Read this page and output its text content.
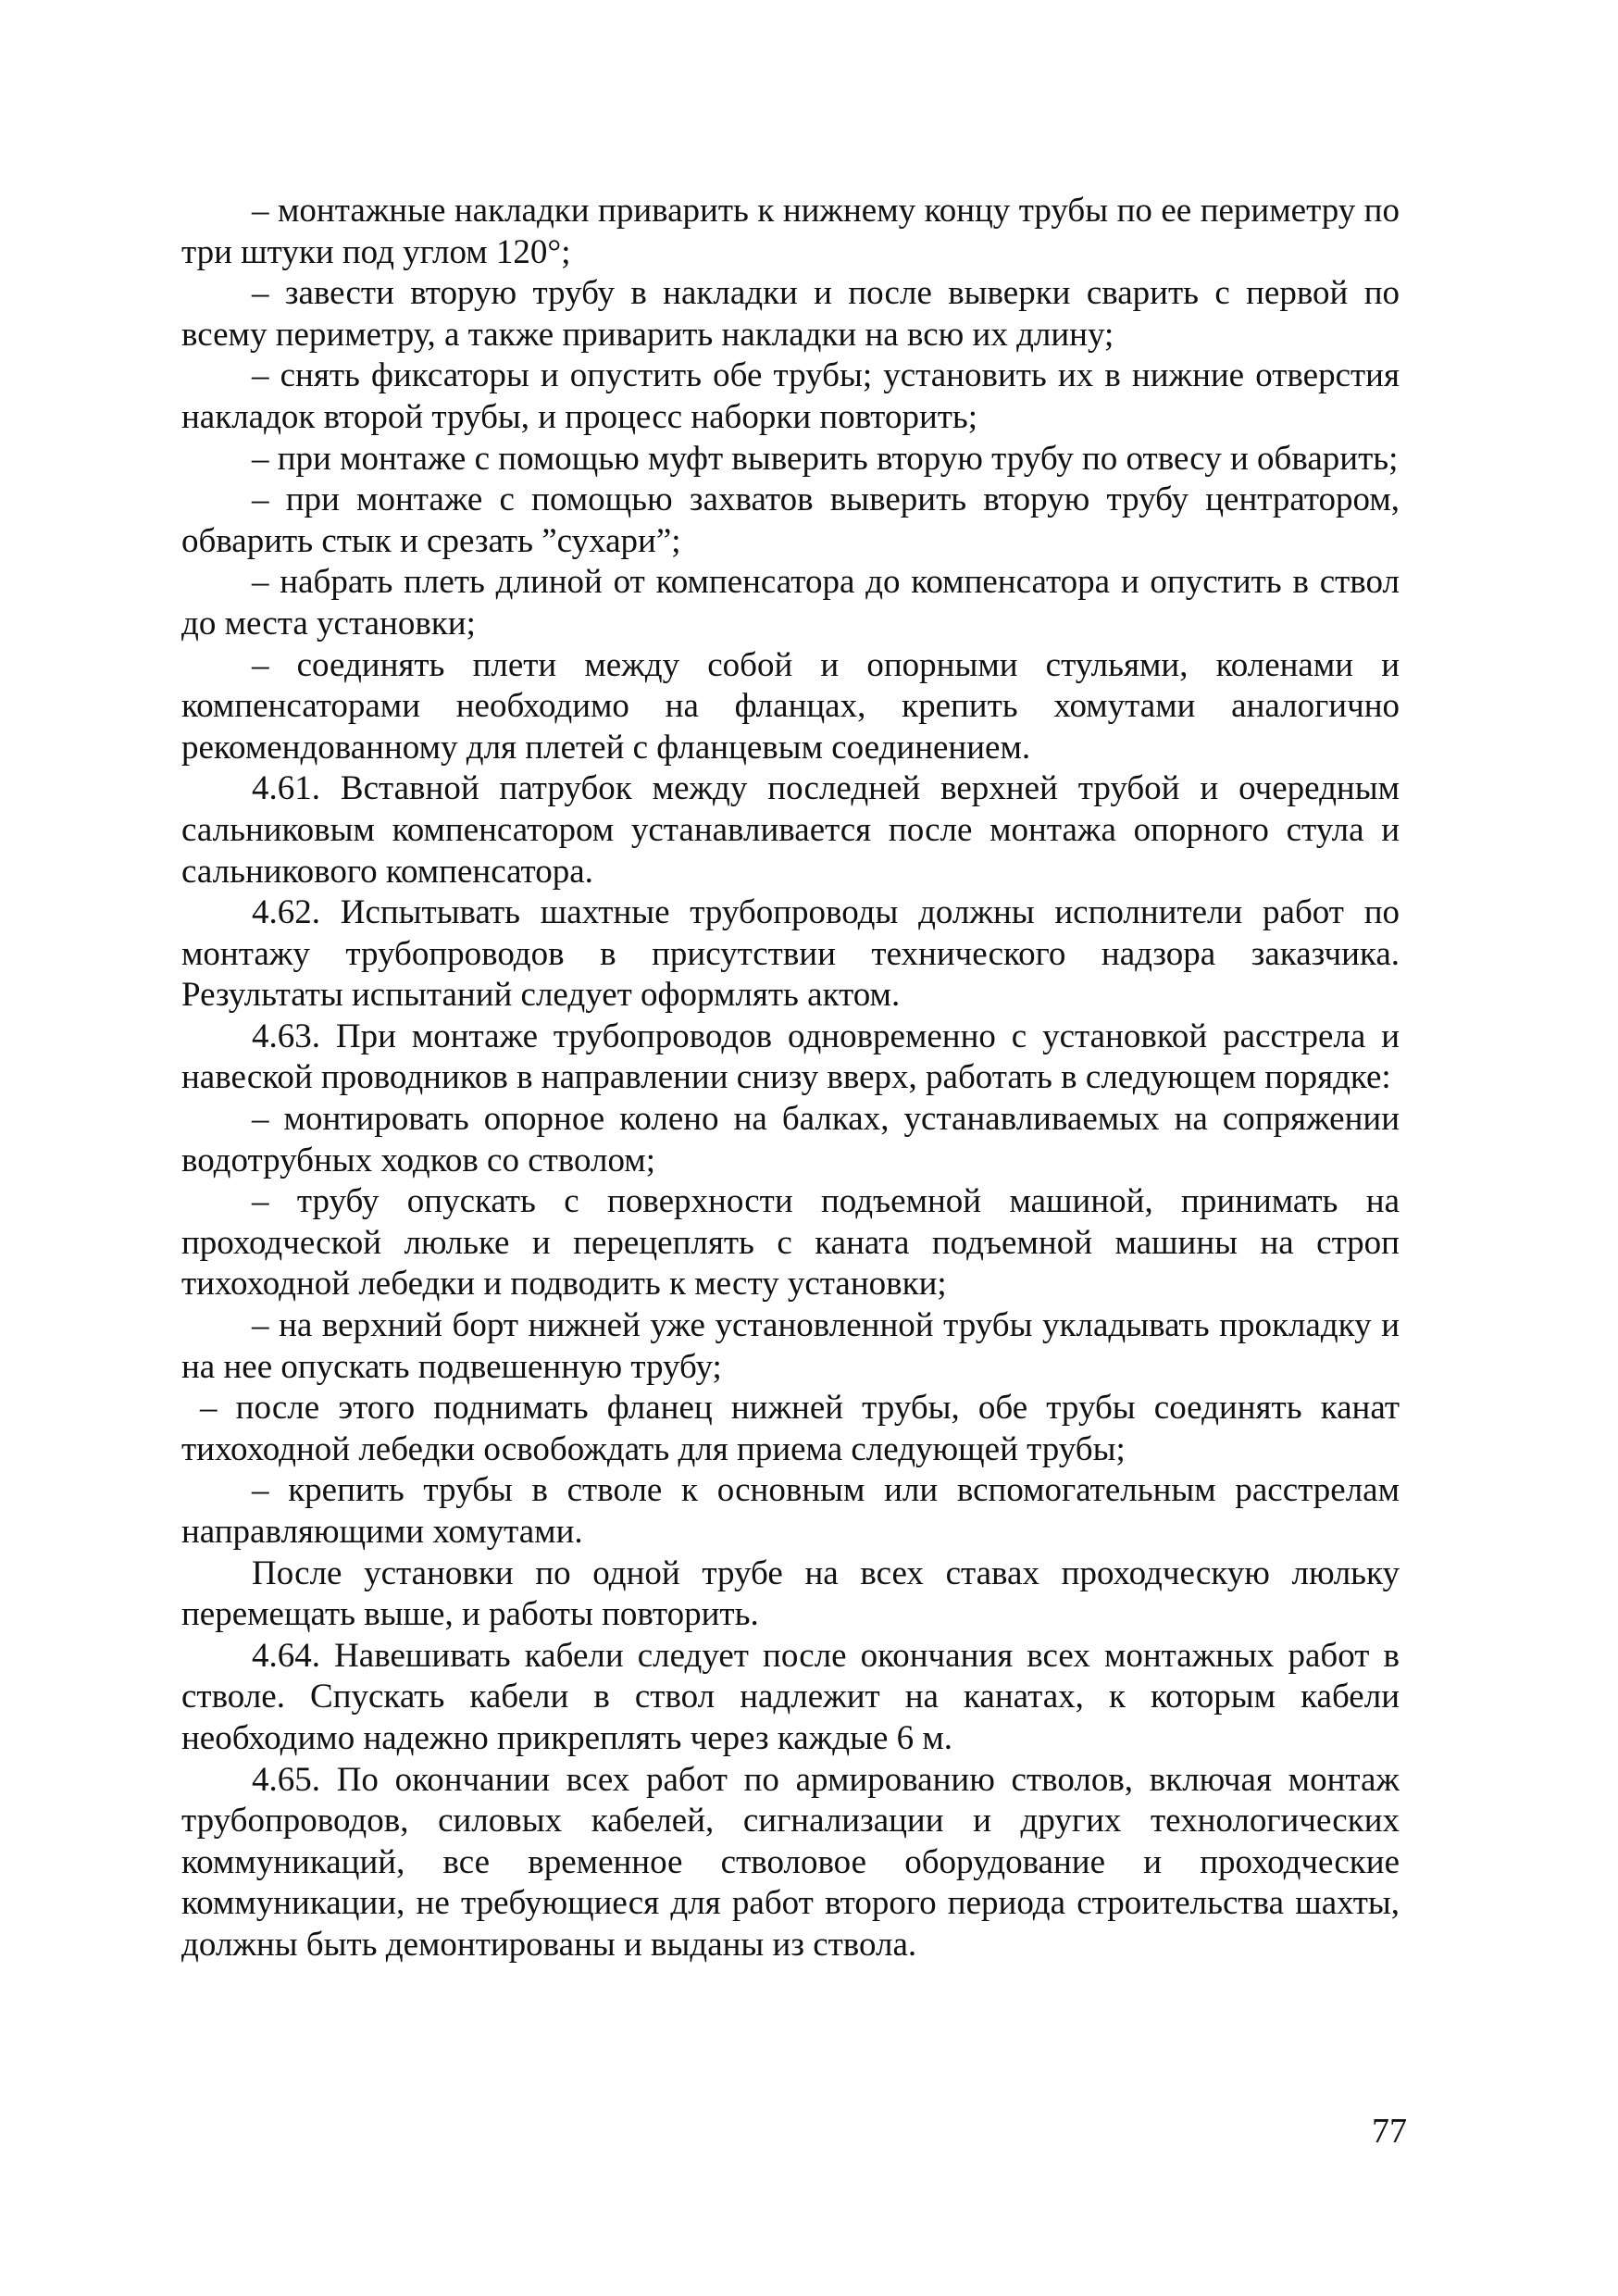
– монтажные накладки приварить к нижнему концу трубы по ее периметру по три штуки под углом 120°;

– завести вторую трубу в накладки и после выверки сварить с первой по всему периметру, а также приварить накладки на всю их длину;

– снять фиксаторы и опустить обе трубы; установить их в нижние отверстия накладок второй трубы, и процесс наборки повторить;

– при монтаже с помощью муфт выверить вторую трубу по отвесу и обварить;

– при монтаже с помощью захватов выверить вторую трубу центратором, обварить стык и срезать ”сухари”;

– набрать плеть длиной от компенсатора до компенсатора и опустить в ствол до места установки;

– соединять плети между собой и опорными стульями, коленами и компенсаторами необходимо на фланцах, крепить хомутами аналогично рекомендованному для плетей с фланцевым соединением.

4.61. Вставной патрубок между последней верхней трубой и очередным сальниковым компенсатором устанавливается после монтажа опорного стула и сальникового компенсатора.

4.62. Испытывать шахтные трубопроводы должны исполнители работ по монтажу трубопроводов в присутствии технического надзора заказчика. Результаты испытаний следует оформлять актом.

4.63. При монтаже трубопроводов одновременно с установкой расстрела и навеской проводников в направлении снизу вверх, работать в следующем порядке:

– монтировать опорное колено на балках, устанавливаемых на сопряжении водотрубных ходков со стволом;

– трубу опускать с поверхности подъемной машиной, принимать на проходческой люльке и перецеплять с каната подъемной машины на строп тихоходной лебедки и подводить к месту установки;

– на верхний борт нижней уже установленной трубы укладывать прокладку и на нее опускать подвешенную трубу;

– после этого поднимать фланец нижней трубы, обе трубы соединять канат тихоходной лебедки освобождать для приема следующей трубы;

– крепить трубы в стволе к основным или вспомогательным расстрелам направляющими хомутами.

После установки по одной трубе на всех ставах проходческую люльку перемещать выше, и работы повторить.

4.64. Навешивать кабели следует после окончания всех монтажных работ в стволе. Спускать кабели в ствол надлежит на канатах, к которым кабели необходимо надежно прикреплять через каждые 6 м.

4.65. По окончании всех работ по армированию стволов, включая монтаж трубопроводов, силовых кабелей, сигнализации и других технологических коммуникаций, все временное стволовое оборудование и проходческие коммуникации, не требующиеся для работ второго периода строительства шахты, должны быть демонтированы и выданы из ствола.

77
